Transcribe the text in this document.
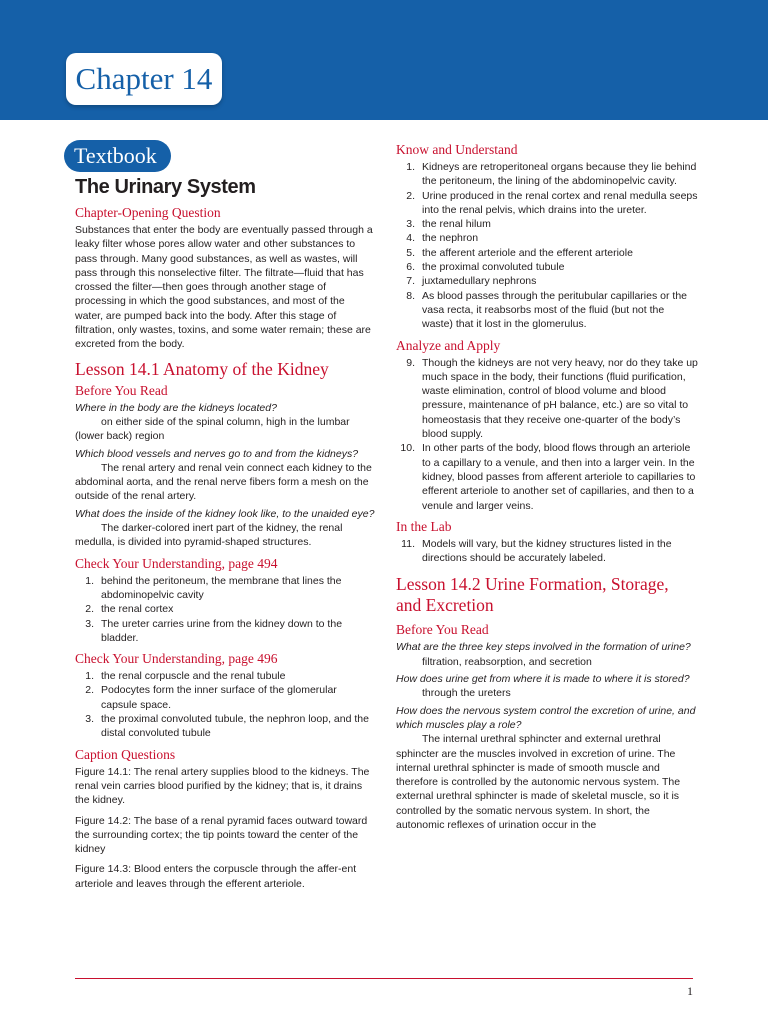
Chapter 14
Textbook
The Urinary System
Chapter-Opening Question

Substances that enter the body are eventually passed through a leaky filter whose pores allow water and other substances to pass through. Many good substances, as well as wastes, will pass through this nonselective filter. The filtrate—fluid that has crossed the filter—then goes through another stage of processing in which the good substances, and most of the water, are pumped back into the body. After this stage of filtration, only wastes, toxins, and some water remain; these are excreted from the body.

Lesson 14.1 Anatomy of the Kidney
Before You Read

Where in the body are the kidneys located?

on either side of the spinal column, high in the lumbar (lower back) region

Which blood vessels and nerves go to and from the kidneys?

The renal artery and renal vein connect each kidney to the abdominal aorta, and the renal nerve fibers form a mesh on the outside of the renal artery.

What does the inside of the kidney look like, to the unaided eye?

The darker-colored inert part of the kidney, the renal medulla, is divided into pyramid-shaped structures.

Check Your Understanding, page 494
1. behind the peritoneum, the membrane that lines the abdominopelvic cavity
2. the renal cortex
3. The ureter carries urine from the kidney down to the bladder.
Check Your Understanding, page 496
1. the renal corpuscle and the renal tubule
2. Podocytes form the inner surface of the glomerular capsule space.
3. the proximal convoluted tubule, the nephron loop, and the distal convoluted tubule
Caption Questions

Figure 14.1: The renal artery supplies blood to the kidneys. The renal vein carries blood purified by the kidney; that is, it drains the kidney.

Figure 14.2: The base of a renal pyramid faces outward toward the surrounding cortex; the tip points toward the center of the kidney

Figure 14.3: Blood enters the corpuscle through the affer-ent arteriole and leaves through the efferent arteriole.

Know and Understand
1. Kidneys are retroperitoneal organs because they lie behind the peritoneum, the lining of the abdominopelvic cavity.
2. Urine produced in the renal cortex and renal medulla seeps into the renal pelvis, which drains into the ureter.
3. the renal hilum
4. the nephron
5. the afferent arteriole and the efferent arteriole
6. the proximal convoluted tubule
7. juxtamedullary nephrons
8. As blood passes through the peritubular capillaries or the vasa recta, it reabsorbs most of the fluid (but not the waste) that it lost in the glomerulus.
Analyze and Apply
9. Though the kidneys are not very heavy, nor do they take up much space in the body, their functions (fluid purification, waste elimination, control of blood volume and blood pressure, maintenance of pH balance, etc.) are so vital to homeostasis that they receive one-quarter of the body’s blood supply.
10. In other parts of the body, blood flows through an arteriole to a capillary to a venule, and then into a larger vein. In the kidney, blood passes from afferent arteriole to capillaries to efferent arteriole to another set of capillaries, and then to a venule and larger veins.
In the Lab
11. Models will vary, but the kidney structures listed in the directions should be accurately labeled.
Lesson 14.2 Urine Formation, Storage, and Excretion
Before You Read

What are the three key steps involved in the formation of urine?

filtration, reabsorption, and secretion

How does urine get from where it is made to where it is stored?

through the ureters

How does the nervous system control the excretion of urine, and which muscles play a role?

The internal urethral sphincter and external urethral sphincter are the muscles involved in excretion of urine. The internal urethral sphincter is made of smooth muscle and therefore is controlled by the autonomic nervous system. The external urethral sphincter is made of skeletal muscle, so it is controlled by the somatic nervous system. In short, the autonomic reflexes of urination occur in the

1
